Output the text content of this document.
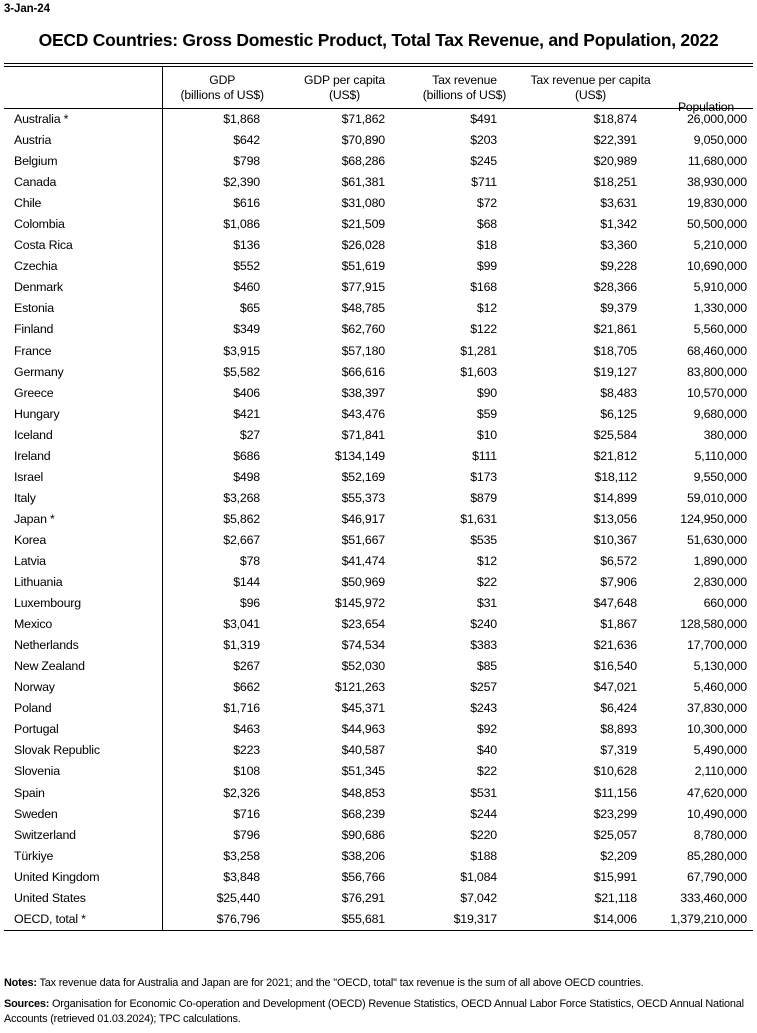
3-Jan-24
OECD Countries: Gross Domestic Product, Total Tax Revenue, and Population, 2022
	GDP	GDP per capita	Tax revenue	Tax revenue per capita	Population
	(billions of US$)	(US$)	(billions of US$)	(US$)	

Australia *	$1,868	$71,862	$491	$18,874	26,000,000
Austria	$642	$70,890	$203	$22,391	9,050,000
Belgium	$798	$68,286	$245	$20,989	11,680,000
Canada	$2,390	$61,381	$711	$18,251	38,930,000
Chile	$616	$31,080	$72	$3,631	19,830,000
Colombia	$1,086	$21,509	$68	$1,342	50,500,000
Costa Rica	$136	$26,028	$18	$3,360	5,210,000
Czechia	$552	$51,619	$99	$9,228	10,690,000
Denmark	$460	$77,915	$168	$28,366	5,910,000
Estonia	$65	$48,785	$12	$9,379	1,330,000
Finland	$349	$62,760	$122	$21,861	5,560,000
France	$3,915	$57,180	$1,281	$18,705	68,460,000
Germany	$5,582	$66,616	$1,603	$19,127	83,800,000
Greece	$406	$38,397	$90	$8,483	10,570,000
Hungary	$421	$43,476	$59	$6,125	9,680,000
Iceland	$27	$71,841	$10	$25,584	380,000
Ireland	$686	$134,149	$111	$21,812	5,110,000
Israel	$498	$52,169	$173	$18,112	9,550,000
Italy	$3,268	$55,373	$879	$14,899	59,010,000
Japan *	$5,862	$46,917	$1,631	$13,056	124,950,000
Korea	$2,667	$51,667	$535	$10,367	51,630,000
Latvia	$78	$41,474	$12	$6,572	1,890,000
Lithuania	$144	$50,969	$22	$7,906	2,830,000
Luxembourg	$96	$145,972	$31	$47,648	660,000
Mexico	$3,041	$23,654	$240	$1,867	128,580,000
Netherlands	$1,319	$74,534	$383	$21,636	17,700,000
New Zealand	$267	$52,030	$85	$16,540	5,130,000
Norway	$662	$121,263	$257	$47,021	5,460,000
Poland	$1,716	$45,371	$243	$6,424	37,830,000
Portugal	$463	$44,963	$92	$8,893	10,300,000
Slovak Republic	$223	$40,587	$40	$7,319	5,490,000
Slovenia	$108	$51,345	$22	$10,628	2,110,000
Spain	$2,326	$48,853	$531	$11,156	47,620,000
Sweden	$716	$68,239	$244	$23,299	10,490,000
Switzerland	$796	$90,686	$220	$25,057	8,780,000
Türkiye	$3,258	$38,206	$188	$2,209	85,280,000
United Kingdom	$3,848	$56,766	$1,084	$15,991	67,790,000
United States	$25,440	$76,291	$7,042	$21,118	333,460,000
OECD, total *	$76,796	$55,681	$19,317	$14,006	1,379,210,000
Notes: Tax revenue data for Australia and Japan are for 2021; and the "OECD, total" tax revenue is the sum of all above OECD countries.
Sources: Organisation for Economic Co-operation and Development (OECD) Revenue Statistics, OECD Annual Labor Force Statistics, OECD Annual National Accounts (retrieved 01.03.2024); TPC calculations.
